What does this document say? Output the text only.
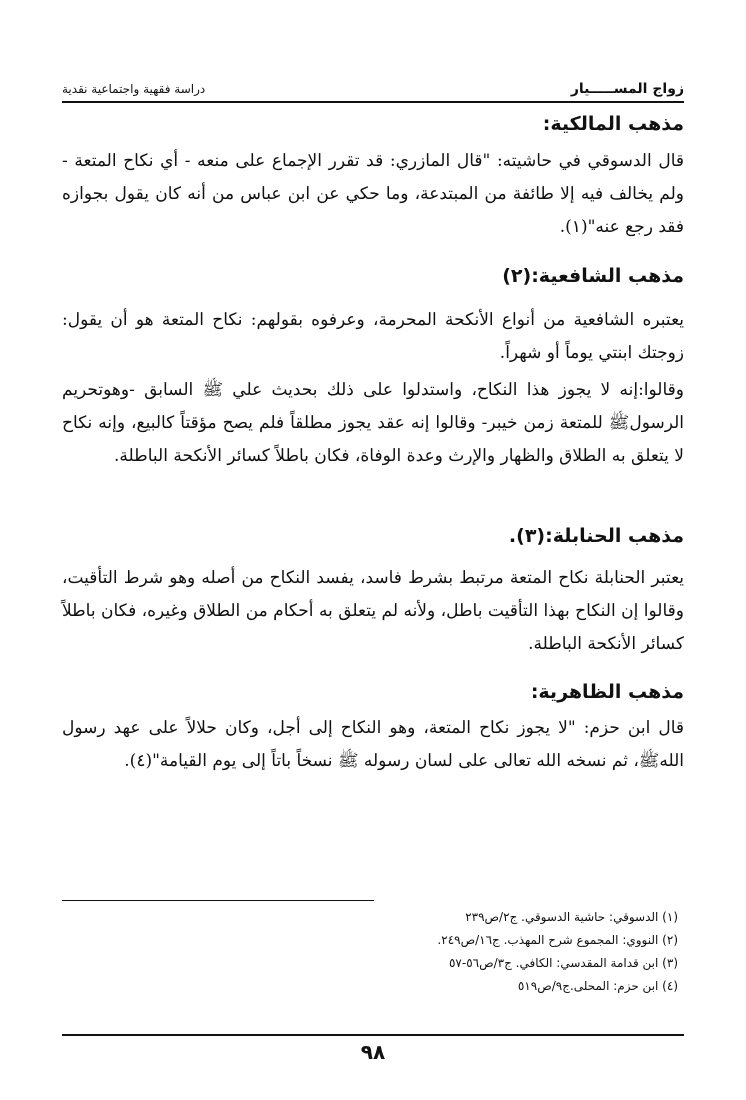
زواج المســـــيار
دراسة فقهية واجتماعية نقدية
مذهب المالكية:

قال الدسوقي في حاشيته: "قال المازري: قد تقرر الإجماع على منعه - أي نكاح المتعة - ولم يخالف فيه إلا طائفة من المبتدعة، وما حكي عن ابن عباس من أنه كان يقول بجوازه فقد رجع عنه"(١).

مذهب الشافعية:(٢)

يعتبره الشافعية من أنواع الأنكحة المحرمة، وعرفوه بقولهم: نكاح المتعة هو أن يقول: زوجتك ابنتي يوماً أو شهراً.

وقالوا:إنه لا يجوز هذا النكاح، واستدلوا على ذلك بحديث علي ﷺ السابق -وهوتحريم الرسولﷺ للمتعة زمن خيبر- وقالوا إنه عقد يجوز مطلقاً فلم يصح مؤقتاً كالبيع، وإنه نكاح لا يتعلق به الطلاق والظهار والإرث وعدة الوفاة، فكان باطلاً كسائر الأنكحة الباطلة.

مذهب الحنابلة:(٣).

يعتبر الحنابلة نكاح المتعة مرتبط بشرط فاسد، يفسد النكاح من أصله وهو شرط التأقيت، وقالوا إن النكاح بهذا التأقيت باطل، ولأنه لم يتعلق به أحكام من الطلاق وغيره، فكان باطلاً كسائر الأنكحة الباطلة.

مذهب الظاهرية:

قال ابن حزم: "لا يجوز نكاح المتعة، وهو النكاح إلى أجل، وكان حلالاً على عهد رسول اللهﷺ، ثم نسخه الله تعالى على لسان رسوله ﷺ نسخاً باتاً إلى يوم القيامة"(٤).

(١) الدسوقي: حاشية الدسوقي. ج٢/ص٢٣٩
(٢) النووي: المجموع شرح المهذب. ج١٦/ص٢٤٩.
(٣) ابن قدامة المقدسي: الكافي. ج٣/ص٥٦-٥٧
(٤) ابن حزم: المحلى.ج٩/ص٥١٩
٩٨
